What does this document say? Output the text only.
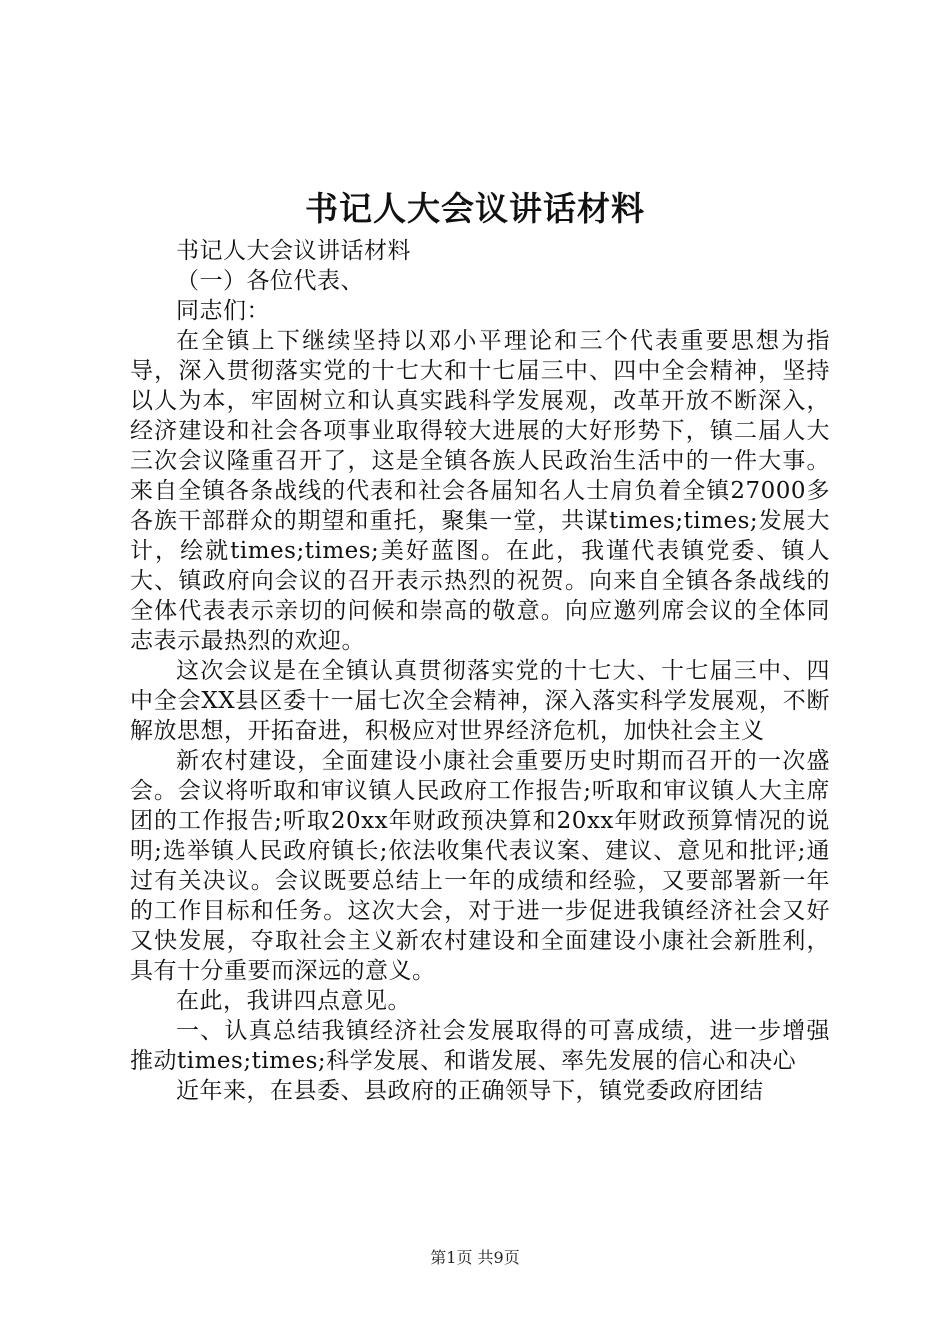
书记人大会议讲话材料

书记人大会议讲话材料

（一）各位代表、

同志们：

在全镇上下继续坚持以邓小平理论和三个代表重要思想为指导，深入贯彻落实党的十七大和十七届三中、四中全会精神，坚持以人为本，牢固树立和认真实践科学发展观，改革开放不断深入，经济建设和社会各项事业取得较大进展的大好形势下，镇二届人大三次会议隆重召开了，这是全镇各族人民政治生活中的一件大事。来自全镇各条战线的代表和社会各届知名人士肩负着全镇27000多各族干部群众的期望和重托，聚集一堂，共谋times;times;发展大计，绘就times;times;美好蓝图。在此，我谨代表镇党委、镇人大、镇政府向会议的召开表示热烈的祝贺。向来自全镇各条战线的全体代表表示亲切的问候和崇高的敬意。向应邀列席会议的全体同志表示最热烈的欢迎。

这次会议是在全镇认真贯彻落实党的十七大、十七届三中、四中全会XX县区委十一届七次全会精神，深入落实科学发展观，不断解放思想，开拓奋进，积极应对世界经济危机，加快社会主义

新农村建设，全面建设小康社会重要历史时期而召开的一次盛会。会议将听取和审议镇人民政府工作报告;听取和审议镇人大主席团的工作报告;听取20xx年财政预决算和20xx年财政预算情况的说明;选举镇人民政府镇长;依法收集代表议案、建议、意见和批评;通过有关决议。会议既要总结上一年的成绩和经验，又要部署新一年的工作目标和任务。这次大会，对于进一步促进我镇经济社会又好又快发展，夺取社会主义新农村建设和全面建设小康社会新胜利，具有十分重要而深远的意义。

在此，我讲四点意见。

一、认真总结我镇经济社会发展取得的可喜成绩，进一步增强推动times;times;科学发展、和谐发展、率先发展的信心和决心

近年来，在县委、县政府的正确领导下，镇党委政府团结

第1页 共9页
